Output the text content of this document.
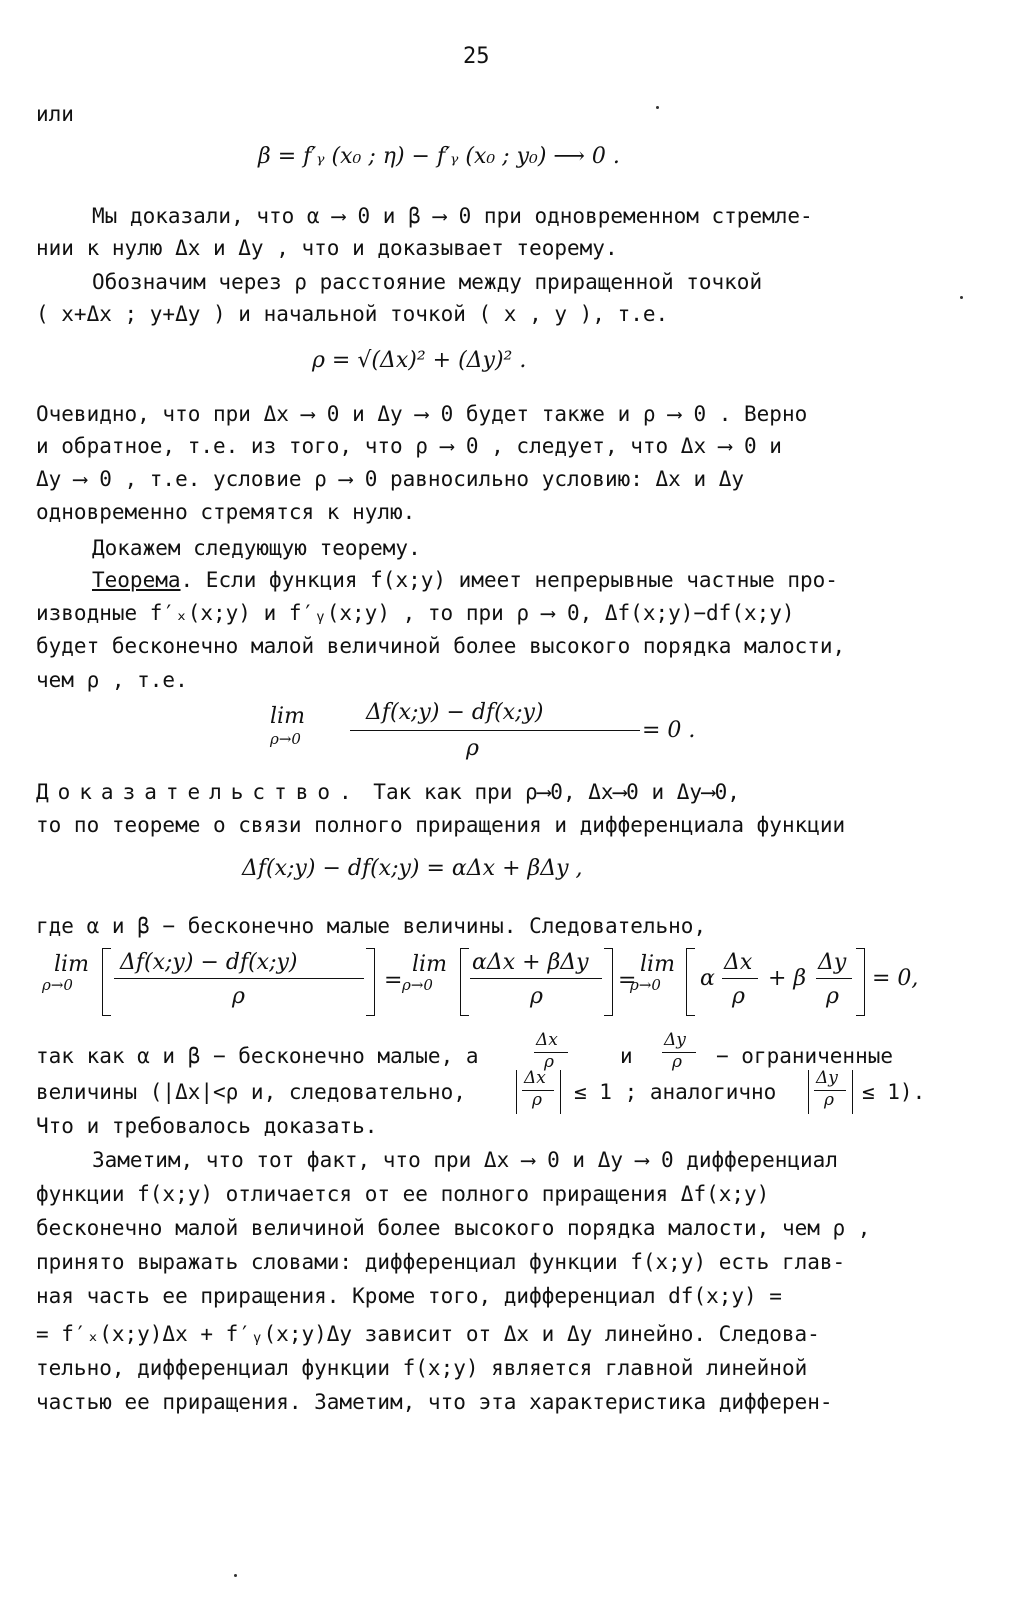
25
или
β = f′ᵧ (x₀ ; η) − f′ᵧ (x₀ ; y₀) ⟶ 0 .
Мы доказали, что α ⟶ 0 и β ⟶ 0 при одновременном стремле-
нии к нулю Δx и Δy , что и доказывает теорему.
Обозначим через ρ расстояние между приращенной точкой
( x+Δx ; y+Δy ) и начальной точкой ( x , y ), т.е.
ρ = √(Δx)² + (Δy)² .
Очевидно, что при Δx ⟶ 0 и Δy ⟶ 0 будет также и ρ ⟶ 0 . Верно
и обратное, т.е. из того, что ρ ⟶ 0 , следует, что Δx ⟶ 0 и
Δy ⟶ 0 , т.е. условие ρ ⟶ 0 равносильно условию: Δx и Δy
одновременно стремятся к нулю.
Докажем следующую теорему.
Теорема. Если функция f(x;y) имеет непрерывные частные про-
изводные f′ₓ(x;y) и f′ᵧ(x;y) , то при ρ ⟶ 0, Δf(x;y)−df(x;y)
будет бесконечно малой величиной более высокого порядка малости,
чем ρ , т.е.
lim
ρ→0
Δf(x;y) − df(x;y)
ρ
= 0 .
Доказательство. Так как при ρ⟶0, Δx⟶0 и Δy⟶0,
то по теореме о связи полного приращения и дифференциала функции
Δf(x;y) − df(x;y) = αΔx + βΔy ,
где α и β − бесконечно малые величины. Следовательно,
lim
ρ→0
Δf(x;y) − df(x;y)
ρ
=
lim
ρ→0
αΔx + βΔy
ρ
=
lim
ρ→0 α
Δx
ρ
+ β
Δy
ρ
= 0,
так как α и β − бесконечно малые, а
Δx
ρ	и
Δy
ρ − ограниченные
величины (|Δx|<ρ и, следовательно,
Δx
ρ ≤ 1 ; аналогично
Δy
ρ ≤ 1).
Что и требовалось доказать.
Заметим, что тот факт, что при Δx ⟶ 0 и Δy ⟶ 0 дифференциал
функции f(x;y) отличается от ее полного приращения Δf(x;y)
бесконечно малой величиной более высокого порядка малости, чем ρ ,
принято выражать словами: дифференциал функции f(x;y) есть глав-
ная часть ее приращения. Кроме того, дифференциал df(x;y) =
= f′ₓ(x;y)Δx + f′ᵧ(x;y)Δy зависит от Δx и Δy линейно. Следова-
тельно, дифференциал функции f(x;y) является главной линейной
частью ее приращения. Заметим, что эта характеристика дифферен-
